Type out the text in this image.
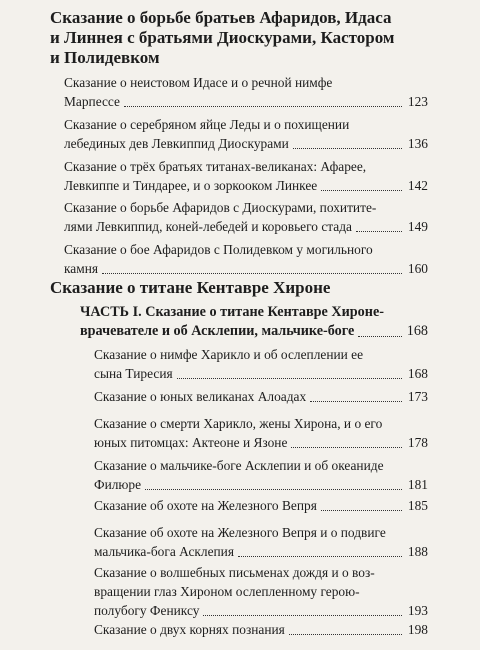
Сказание о борьбе братьев Афаридов, Идаса
и Линнея с братьями Диоскурами, Кастором
и Полидевком
Сказание о неистовом Идасе и о речной нимфе
Марпессе	123
Сказание о серебряном яйце Леды и о похищении
лебединых дев Левкиппид Диоскурами	136
Сказание о трёх братьях титанах-великанах: Афарее,
Левкиппе и Тиндарее, и о зоркооком Линкее	142
Сказание о борьбе Афаридов с Диоскурами, похитите-
лями Левкиппид, коней-лебедей и коровьего стада	149
Сказание о бое Афаридов с Полидевком у могильного
камня	160
Сказание о титане Кентавре Хироне
ЧАСТЬ I. Сказание о титане Кентавре Хироне-
врачевателе и об Асклепии, мальчике-боге	168
Сказание о нимфе Харикло и об ослеплении ее
сына Тиресия	168
Сказание о юных великанах Алоадах	173
Сказание о смерти Харикло, жены Хирона, и о его
юных питомцах: Актеоне и Язоне	178
Сказание о мальчике-боге Асклепии и об океаниде
Филюре	181
Сказание об охоте на Железного Вепря	185
Сказание об охоте на Железного Вепря и о подвиге
мальчика-бога Асклепия	188
Сказание о волшебных письменах дождя и о воз-
вращении глаз Хироном ослепленному герою-
полубогу Фениксу	193
Сказание о двух корнях познания	198
